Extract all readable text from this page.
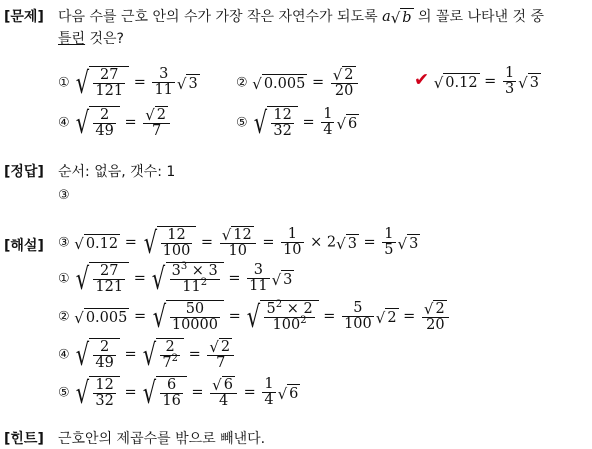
[문제] 다음 수를 근호 안의 수가 가장 작은 자연수가 되도록 a √ b 의 꼴로 나타낸 것 중
틀린 것은?
① √ $\frac{27}{121} = \frac{3}{11}$ √ 3	② √ $0.005 = \frac{√ 2}{20}$	✔ √ $0.12 = \frac{1}{3}$ √ 3
④ √ $\frac{2}{49} = \frac{√ 2}{7}$	⑤ √ $\frac{12}{32} = \frac{1}{4}$ √ 6
[정답] 순서: 없음, 갯수: 1
③
[해설] ③ √ 0.12 = √ $\frac{12}{100} = \frac{√ 12}{10} = \frac{1}{10} \times 2$ √ $3 = \frac{1}{5}$ √ 3
① √ $\frac{27}{121}$ = √ $\frac{3^3 \times 3}{11^2} = \frac{3}{11}$ √ 3
② √ 0.005 = √ $\frac{50}{10000}$ = √ $\frac{5^2 \times 2}{100^2} = \frac{5}{100}$ √ $2 = \frac{√ 2}{20}$
④ √ $\frac{2}{49}$ = √ $\frac{2}{7^2} = \frac{√ 2}{7}$
⑤ √ $\frac{12}{32}$ = √ $\frac{6}{16} = \frac{√ 6}{4} = \frac{1}{4}$ √ 6
[힌트] 근호안의 제곱수를 밖으로 빼낸다.
